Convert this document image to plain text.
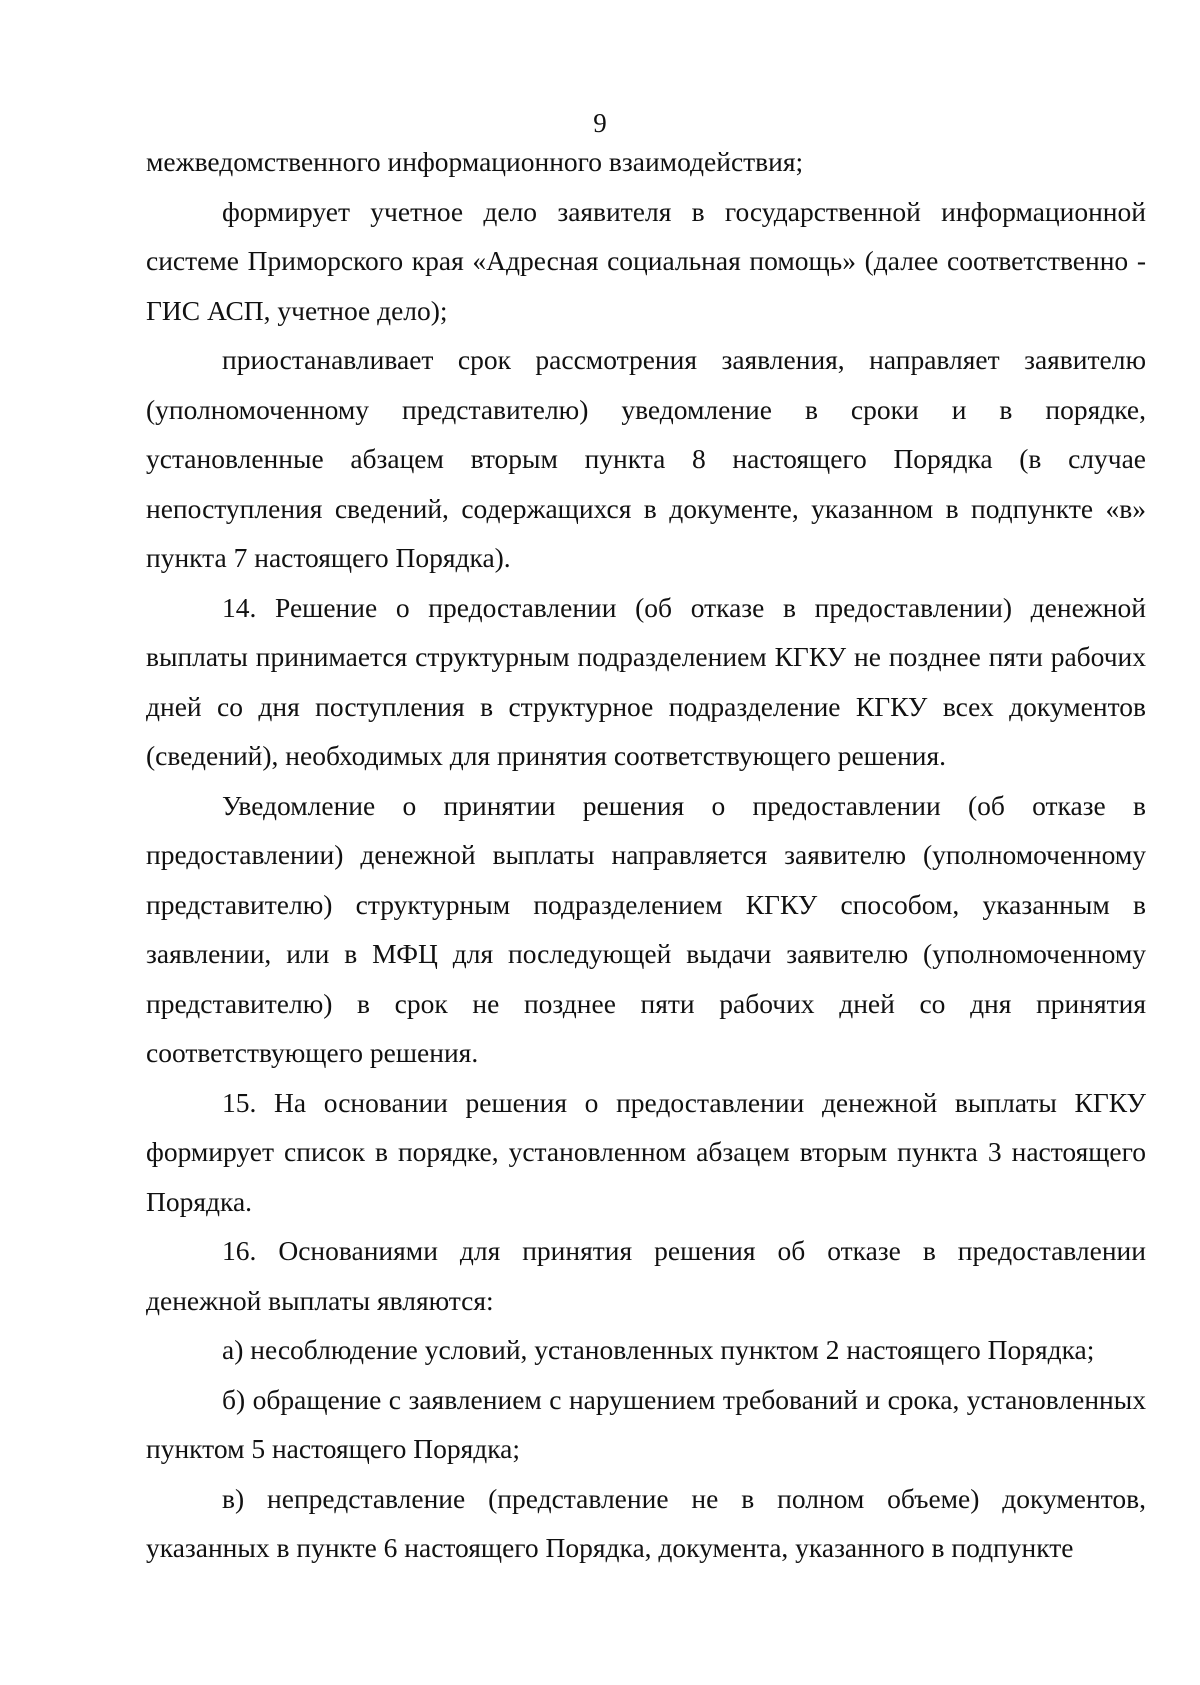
9

межведомственного информационного взаимодействия;

формирует учетное дело заявителя в государственной информационной системе Приморского края «Адресная социальная помощь» (далее соответственно - ГИС АСП, учетное дело);

приостанавливает срок рассмотрения заявления, направляет заявителю (уполномоченному представителю) уведомление в сроки и в порядке, установленные абзацем вторым пункта 8 настоящего Порядка (в случае непоступления сведений, содержащихся в документе, указанном в подпункте «в» пункта 7 настоящего Порядка).

14. Решение о предоставлении (об отказе в предоставлении) денежной выплаты принимается структурным подразделением КГКУ не позднее пяти рабочих дней со дня поступления в структурное подразделение КГКУ всех документов (сведений), необходимых для принятия соответствующего решения.

Уведомление о принятии решения о предоставлении (об отказе в предоставлении) денежной выплаты направляется заявителю (уполномоченному представителю) структурным подразделением КГКУ способом, указанным в заявлении, или в МФЦ для последующей выдачи заявителю (уполномоченному представителю) в срок не позднее пяти рабочих дней со дня принятия соответствующего решения.

15. На основании решения о предоставлении денежной выплаты КГКУ формирует список в порядке, установленном абзацем вторым пункта 3 настоящего Порядка.

16. Основаниями для принятия решения об отказе в предоставлении денежной выплаты являются:

а) несоблюдение условий, установленных пунктом 2 настоящего Порядка;

б) обращение с заявлением с нарушением требований и срока, установленных пунктом 5 настоящего Порядка;

в) непредставление (представление не в полном объеме) документов, указанных в пункте 6 настоящего Порядка, документа, указанного в подпункте
